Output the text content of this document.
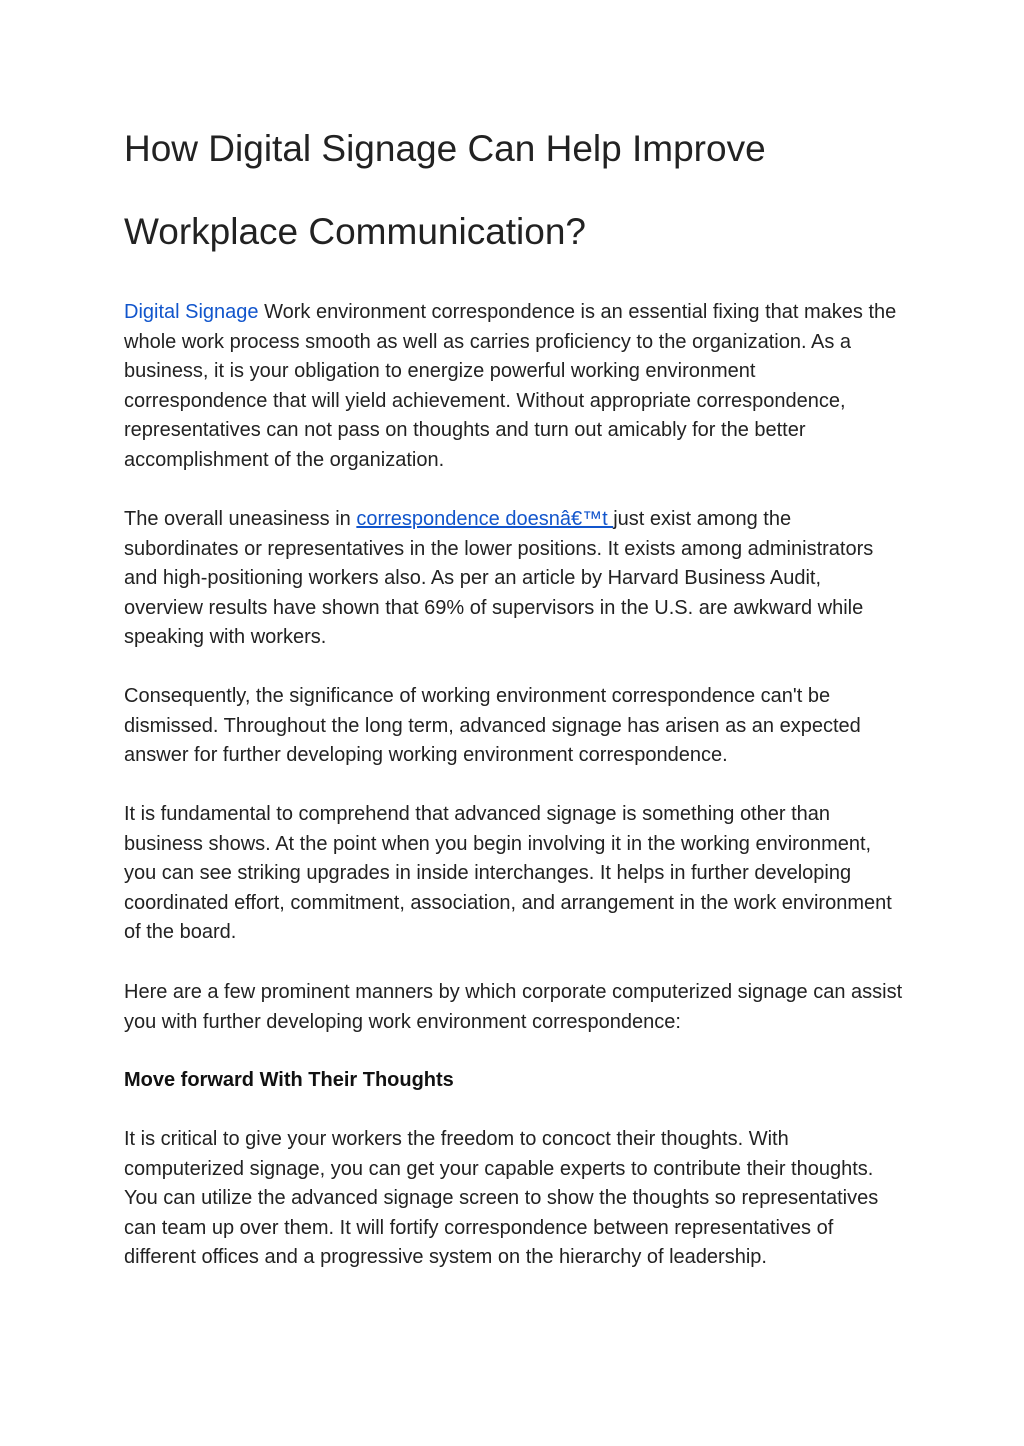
How Digital Signage Can Help Improve
Workplace Communication?

Digital Signage Work environment correspondence is an essential fixing that makes the whole work process smooth as well as carries proficiency to the organization. As a business, it is your obligation to energize powerful working environment correspondence that will yield achievement. Without appropriate correspondence, representatives can not pass on thoughts and turn out amicably for the better accomplishment of the organization.

The overall uneasiness in correspondence doesnâ€™t just exist among the subordinates or representatives in the lower positions. It exists among administrators and high-positioning workers also. As per an article by Harvard Business Audit, overview results have shown that 69% of supervisors in the U.S. are awkward while speaking with workers.

Consequently, the significance of working environment correspondence can't be dismissed. Throughout the long term, advanced signage has arisen as an expected answer for further developing working environment correspondence.

It is fundamental to comprehend that advanced signage is something other than business shows. At the point when you begin involving it in the working environment, you can see striking upgrades in inside interchanges. It helps in further developing coordinated effort, commitment, association, and arrangement in the work environment of the board.

Here are a few prominent manners by which corporate computerized signage can assist you with further developing work environment correspondence:

Move forward With Their Thoughts

It is critical to give your workers the freedom to concoct their thoughts. With computerized signage, you can get your capable experts to contribute their thoughts. You can utilize the advanced signage screen to show the thoughts so representatives can team up over them. It will fortify correspondence between representatives of different offices and a progressive system on the hierarchy of leadership.
